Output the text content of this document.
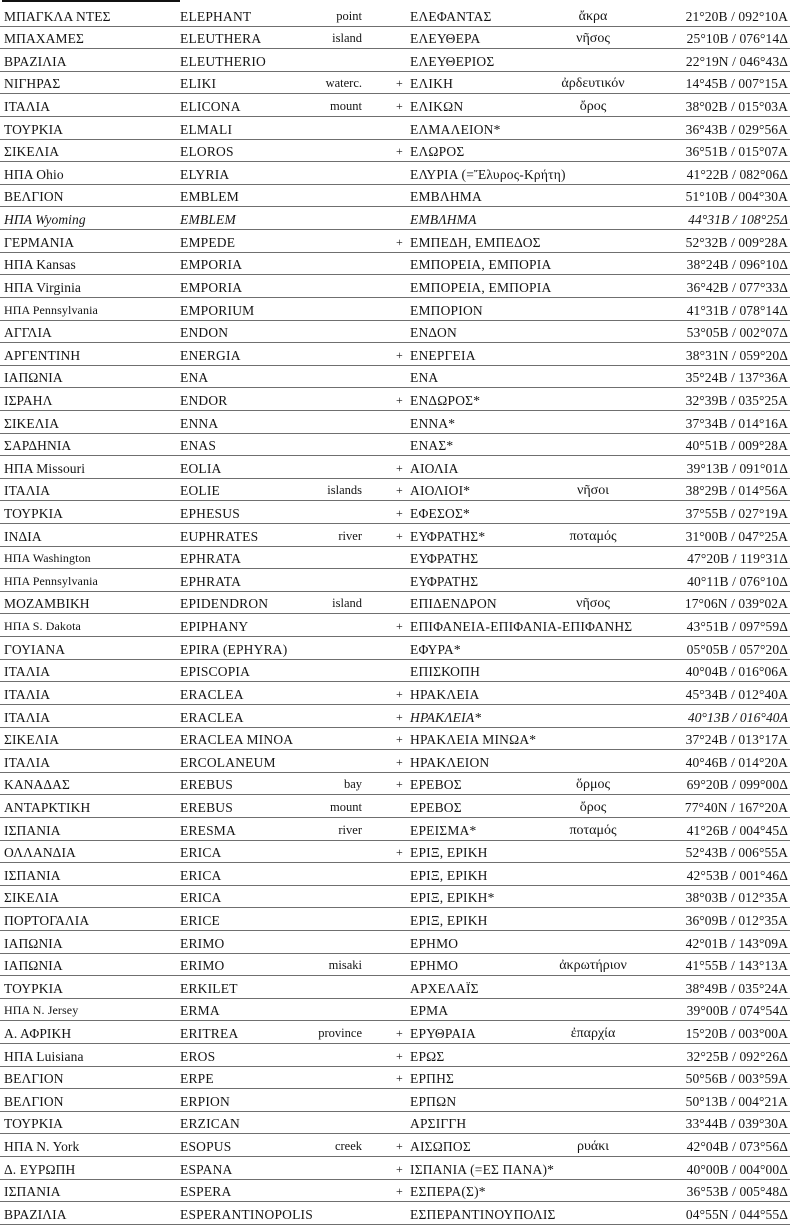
ΜΠΑΓΚΛΑ ΝΤΕΣ	ELEPHANT	point	ΕΛΕΦΑΝΤΑΣ	ἄκρα	21°20Β / 092°10Α
ΜΠΑΧΑΜΕΣ	ELEUTHERA	island	ΕΛΕΥΘΕΡΑ	νῆσος	25°10Β / 076°14Δ
ΒΡΑΖΙΛΙΑ	ELEUTHERIO	ΕΛΕΥΘΕΡΙΟΣ	22°19Ν / 046°43Δ
ΝΙΓΗΡΑΣ	ELIKI	waterc.	+ ΕΛΙΚΗ	ἀρδευτικόν	14°45Β / 007°15Α
ΙΤΑΛΙΑ	ELICONA	mount	+ ΕΛΙΚΩΝ	ὄρος	38°02Β / 015°03Α
ΤΟΥΡΚΙΑ	ELMALI	ΕΛΜΑΛΕΙΟΝ*	36°43Β / 029°56Α
ΣΙΚΕΛΙΑ	ELOROS	+ ΕΛΩΡΟΣ	36°51Β / 015°07Α
ΗΠΑ Ohio	ELYRIA	ΕΛΥΡΙΑ (=Ἔλυρος-Κρήτη)	41°22Β / 082°06Δ
ΒΕΛΓΙΟΝ	EMBLEM	ΕΜΒΛΗΜΑ	51°10Β / 004°30Α
ΗΠΑ Wyoming	EMBLEM	ΕΜΒΛΗΜΑ	44°31Β / 108°25Δ
ΓΕΡΜΑΝΙΑ	EMPEDE	+ ΕΜΠΕΔΗ, ΕΜΠΕΔΟΣ	52°32Β / 009°28Α
ΗΠΑ Kansas	EMPORIA	ΕΜΠΟΡΕΙΑ, ΕΜΠΟΡΙΑ	38°24Β / 096°10Δ
ΗΠΑ Virginia	EMPORIA	ΕΜΠΟΡΕΙΑ, ΕΜΠΟΡΙΑ	36°42Β / 077°33Δ
ΗΠΑ Pennsylvania	EMPORIUM	ΕΜΠΟΡΙΟΝ	41°31Β / 078°14Δ
ΑΓΓΛΙΑ	ENDON	ΕΝΔΟΝ	53°05Β / 002°07Δ
ΑΡΓΕΝΤΙΝΗ	ENERGIA	+ ΕΝΕΡΓΕΙΑ	38°31Ν / 059°20Δ
ΙΑΠΩΝΙΑ	ENA	ΕΝΑ	35°24Β / 137°36Α
ΙΣΡΑΗΛ	ENDOR	+ ΕΝΔΩΡΟΣ*	32°39Β / 035°25Α
ΣΙΚΕΛΙΑ	ENNA	ΕΝΝΑ*	37°34Β / 014°16Α
ΣΑΡΔΗΝΙΑ	ENAS	ΕΝΑΣ*	40°51Β / 009°28Α
ΗΠΑ Missouri	EOLIA	+ ΑΙΟΛΙΑ	39°13Β / 091°01Δ
ΙΤΑΛΙΑ	EOLIE	islands	+ ΑΙΟΛΙΟΙ*	νῆσοι	38°29Β / 014°56Α
ΤΟΥΡΚΙΑ	EPHESUS	+ ΕΦΕΣΟΣ*	37°55Β / 027°19Α
ΙΝΔΙΑ	EUPHRATES	river	+ ΕΥΦΡΑΤΗΣ*	ποταμός	31°00Β / 047°25Α
ΗΠΑ Washington	EPHRATA	ΕΥΦΡΑΤΗΣ	47°20Β / 119°31Δ
ΗΠΑ Pennsylvania	EPHRATA	ΕΥΦΡΑΤΗΣ	40°11Β / 076°10Δ
ΜΟΖΑΜΒΙΚΗ	EPIDENDRON	island	ΕΠΙΔΕΝΔΡΟΝ	νῆσος	17°06Ν / 039°02Α
ΗΠΑ S. Dakota	EPIPHANY	+ ΕΠΙΦΑΝΕΙΑ-ΕΠΙΦΑΝΙΑ-ΕΠΙΦΑΝΗΣ	43°51Β / 097°59Δ
ΓΟΥΙΑΝΑ	EPIRA (EPHYRA)	ΕΦΥΡΑ*	05°05Β / 057°20Δ
ΙΤΑΛΙΑ	EPISCOPIA	ΕΠΙΣΚΟΠΗ	40°04Β / 016°06Α
ΙΤΑΛΙΑ	ERACLEA	+ ΗΡΑΚΛΕΙΑ	45°34Β / 012°40Α
ΙΤΑΛΙΑ	ERACLEA	+ ΗΡΑΚΛΕΙΑ*	40°13Β / 016°40Α
ΣΙΚΕΛΙΑ	ERACLEA MINOA	+ ΗΡΑΚΛΕΙΑ ΜΙΝΩΑ*	37°24Β / 013°17Α
ΙΤΑΛΙΑ	ERCOLANEUM	+ ΗΡΑΚΛΕΙΟΝ	40°46Β / 014°20Α
ΚΑΝΑΔΑΣ	EREBUS	bay	+ ΕΡΕΒΟΣ	ὅρμος	69°20Β / 099°00Δ
ΑΝΤΑΡΚΤΙΚΗ	EREBUS	mount	ΕΡΕΒΟΣ	ὄρος	77°40Ν / 167°20Α
ΙΣΠΑΝΙΑ	ERESMA	river	ΕΡΕΙΣΜΑ*	ποταμός	41°26Β / 004°45Δ
ΟΛΛΑΝΔΙΑ	ERICA	+ ΕΡΙΞ, ΕΡΙΚΗ	52°43Β / 006°55Α
ΙΣΠΑΝΙΑ	ERICA	ΕΡΙΞ, ΕΡΙΚΗ	42°53Β / 001°46Δ
ΣΙΚΕΛΙΑ	ERICA	ΕΡΙΞ, ΕΡΙΚΗ*	38°03Β / 012°35Α
ΠΟΡΤΟΓΑΛΙΑ	ERICE	ΕΡΙΞ, ΕΡΙΚΗ	36°09Β / 012°35Α
ΙΑΠΩΝΙΑ	ERIMO	ΕΡΗΜΟ	42°01Β / 143°09Α
ΙΑΠΩΝΙΑ	ERIMO	misaki	ΕΡΗΜΟ	ἀκρωτήριον	41°55Β / 143°13Α
ΤΟΥΡΚΙΑ	ERKILET	ΑΡΧΕΛΑΪΣ	38°49Β / 035°24Α
ΗΠΑ N. Jersey	ERMA	ΕΡΜΑ	39°00Β / 074°54Δ
Α. ΑΦΡΙΚΗ	ERITREA	province	+ ΕΡΥΘΡΑΙΑ	ἐπαρχία	15°20Β / 003°00Α
ΗΠΑ Luisiana	EROS	+ ΕΡΩΣ	32°25Β / 092°26Δ
ΒΕΛΓΙΟΝ	ERPE	+ ΕΡΠΗΣ	50°56Β / 003°59Α
ΒΕΛΓΙΟΝ	ERPION	ΕΡΠΩΝ	50°13Β / 004°21Α
ΤΟΥΡΚΙΑ	ERZICAN	ΑΡΣΙΓΓΗ	33°44Β / 039°30Α
ΗΠΑ N. York	ESOPUS	creek	+ ΑΙΣΩΠΟΣ	ρυάκι	42°04Β / 073°56Δ
Δ. ΕΥΡΩΠΗ	ESPANA	+ ΙΣΠΑΝΙΑ (=ΕΣ ΠΑΝΑ)*	40°00Β / 004°00Δ
ΙΣΠΑΝΙΑ	ESPERA	+ ΕΣΠΕΡΑ(Σ)*	36°53Β / 005°48Δ
ΒΡΑΖΙΛΙΑ	ESPERANTINOPOLIS	ΕΣΠΕΡΑΝΤΙΝΟΥΠΟΛΙΣ	04°55Ν / 044°55Δ
